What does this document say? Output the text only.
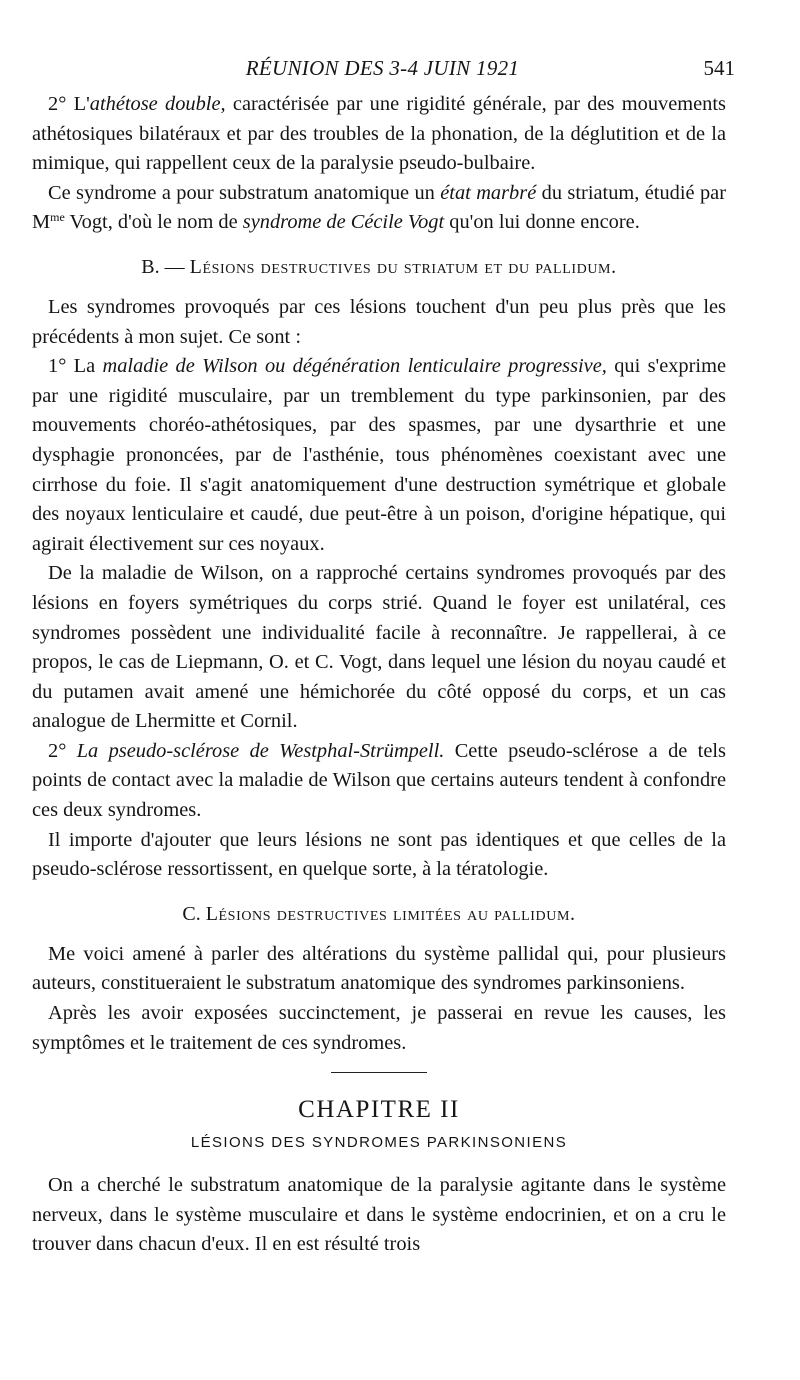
RÉUNION DES 3-4 JUIN 1921	541

2° L'athétose double, caractérisée par une rigidité générale, par des mouvements athétosiques bilatéraux et par des troubles de la phonation, de la déglutition et de la mimique, qui rappellent ceux de la paralysie pseudo-bulbaire.

Ce syndrome a pour substratum anatomique un état marbré du striatum, étudié par $M^{me}$ Vogt, d'où le nom de syndrome de Cécile Vogt qu'on lui donne encore.

B. — Lésions destructives du striatum et du pallidum.

Les syndromes provoqués par ces lésions touchent d'un peu plus près que les précédents à mon sujet. Ce sont :

1° La maladie de Wilson ou dégénération lenticulaire progressive, qui s'exprime par une rigidité musculaire, par un tremblement du type parkinsonien, par des mouvements choréo-athétosiques, par des spasmes, par une dysarthrie et une dysphagie prononcées, par de l'asthénie, tous phénomènes coexistant avec une cirrhose du foie. Il s'agit anatomiquement d'une destruction symétrique et globale des noyaux lenticulaire et caudé, due peut-être à un poison, d'origine hépatique, qui agirait électivement sur ces noyaux.

De la maladie de Wilson, on a rapproché certains syndromes provoqués par des lésions en foyers symétriques du corps strié. Quand le foyer est unilatéral, ces syndromes possèdent une individualité facile à reconnaître. Je rappellerai, à ce propos, le cas de Liepmann, O. et C. Vogt, dans lequel une lésion du noyau caudé et du putamen avait amené une hémichorée du côté opposé du corps, et un cas analogue de Lhermitte et Cornil.

2° La pseudo-sclérose de Westphal-Strümpell. Cette pseudo-sclérose a de tels points de contact avec la maladie de Wilson que certains auteurs tendent à confondre ces deux syndromes.

Il importe d'ajouter que leurs lésions ne sont pas identiques et que celles de la pseudo-sclérose ressortissent, en quelque sorte, à la tératologie.

C. Lésions destructives limitées au pallidum.

Me voici amené à parler des altérations du système pallidal qui, pour plusieurs auteurs, constitueraient le substratum anatomique des syndromes parkinsoniens.

Après les avoir exposées succinctement, je passerai en revue les causes, les symptômes et le traitement de ces syndromes.

CHAPITRE II
LÉSIONS DES SYNDROMES PARKINSONIENS

On a cherché le substratum anatomique de la paralysie agitante dans le système nerveux, dans le système musculaire et dans le système endocrinien, et on a cru le trouver dans chacun d'eux. Il en est résulté trois
